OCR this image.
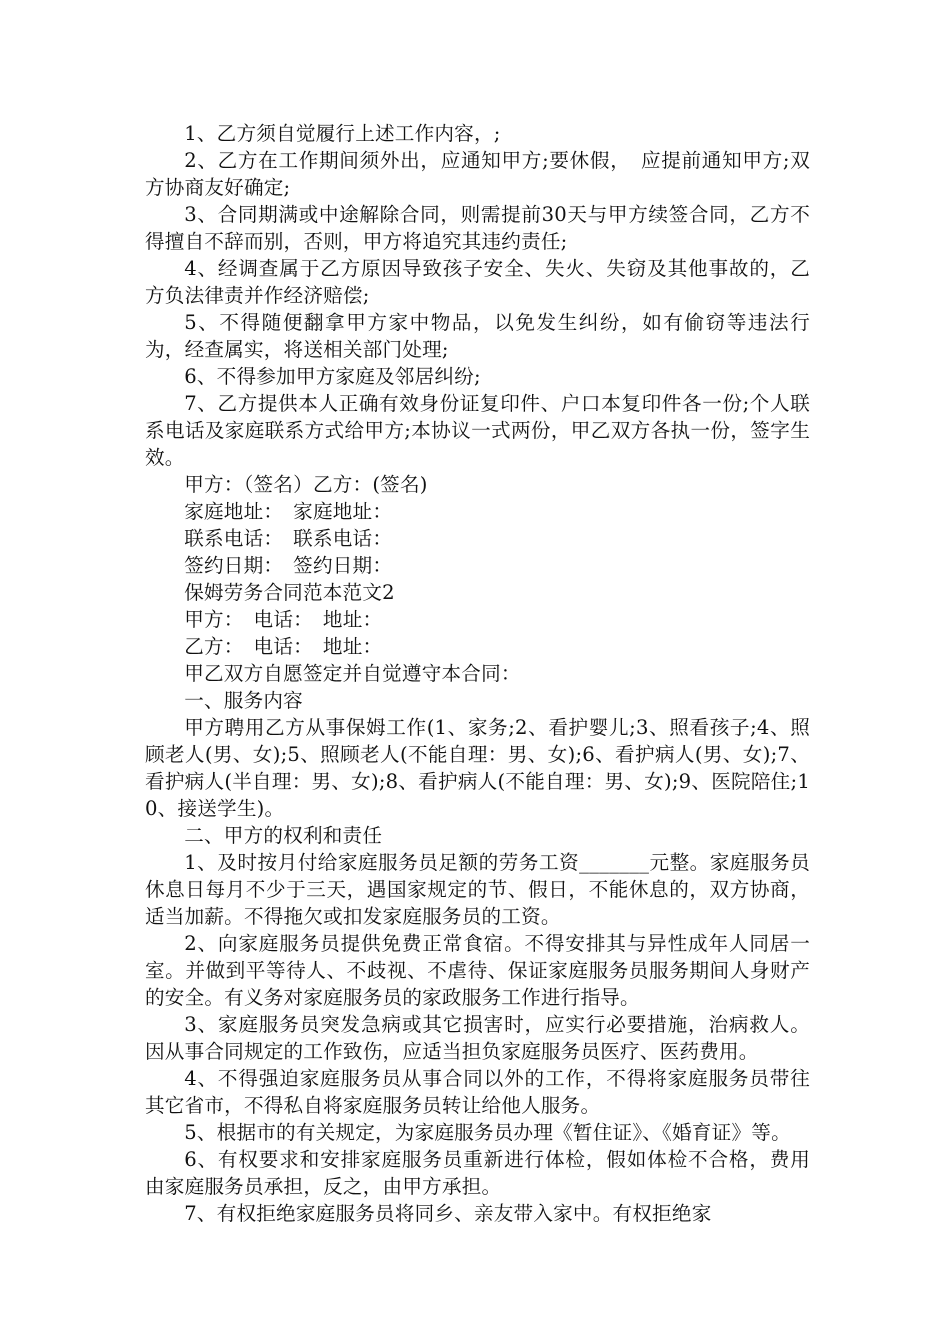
1、乙方须自觉履行上述工作内容，;

2、乙方在工作期间须外出，应通知甲方;要休假，　应提前通知甲方;双方协商友好确定;

3、合同期满或中途解除合同，则需提前30天与甲方续签合同，乙方不得擅自不辞而别，否则，甲方将追究其违约责任;

4、经调查属于乙方原因导致孩子安全、失火、失窃及其他事故的，乙方负法律责并作经济赔偿;

5、不得随便翻拿甲方家中物品，以免发生纠纷，如有偷窃等违法行为，经查属实，将送相关部门处理;

6、不得参加甲方家庭及邻居纠纷;

7、乙方提供本人正确有效身份证复印件、户口本复印件各一份;个人联系电话及家庭联系方式给甲方;本协议一式两份，甲乙双方各执一份，签字生效。

甲方：（签名）乙方：(签名)

家庭地址：　家庭地址：

联系电话：　联系电话：

签约日期：　签约日期：

保姆劳务合同范本范文2

甲方：　电话：　地址：

乙方：　电话：　地址：

甲乙双方自愿签定并自觉遵守本合同：

一、服务内容

甲方聘用乙方从事保姆工作(1、家务;2、看护婴儿;3、照看孩子;4、照顾老人(男、女);5、照顾老人(不能自理：男、女);6、看护病人(男、女);7、看护病人(半自理：男、女);8、看护病人(不能自理：男、女);9、医院陪住;10、接送学生)。

二、甲方的权利和责任

1、及时按月付给家庭服务员足额的劳务工资_______元整。家庭服务员休息日每月不少于三天，遇国家规定的节、假日，不能休息的，双方协商，适当加薪。不得拖欠或扣发家庭服务员的工资。

2、向家庭服务员提供免费正常食宿。不得安排其与异性成年人同居一室。并做到平等待人、不歧视、不虐待、保证家庭服务员服务期间人身财产的安全。有义务对家庭服务员的家政服务工作进行指导。

3、家庭服务员突发急病或其它损害时，应实行必要措施，治病救人。因从事合同规定的工作致伤，应适当担负家庭服务员医疗、医药费用。

4、不得强迫家庭服务员从事合同以外的工作，不得将家庭服务员带往其它省市，不得私自将家庭服务员转让给他人服务。

5、根据市的有关规定，为家庭服务员办理《暂住证》、《婚育证》等。

6、有权要求和安排家庭服务员重新进行体检，假如体检不合格，费用由家庭服务员承担，反之，由甲方承担。

7、有权拒绝家庭服务员将同乡、亲友带入家中。有权拒绝家
